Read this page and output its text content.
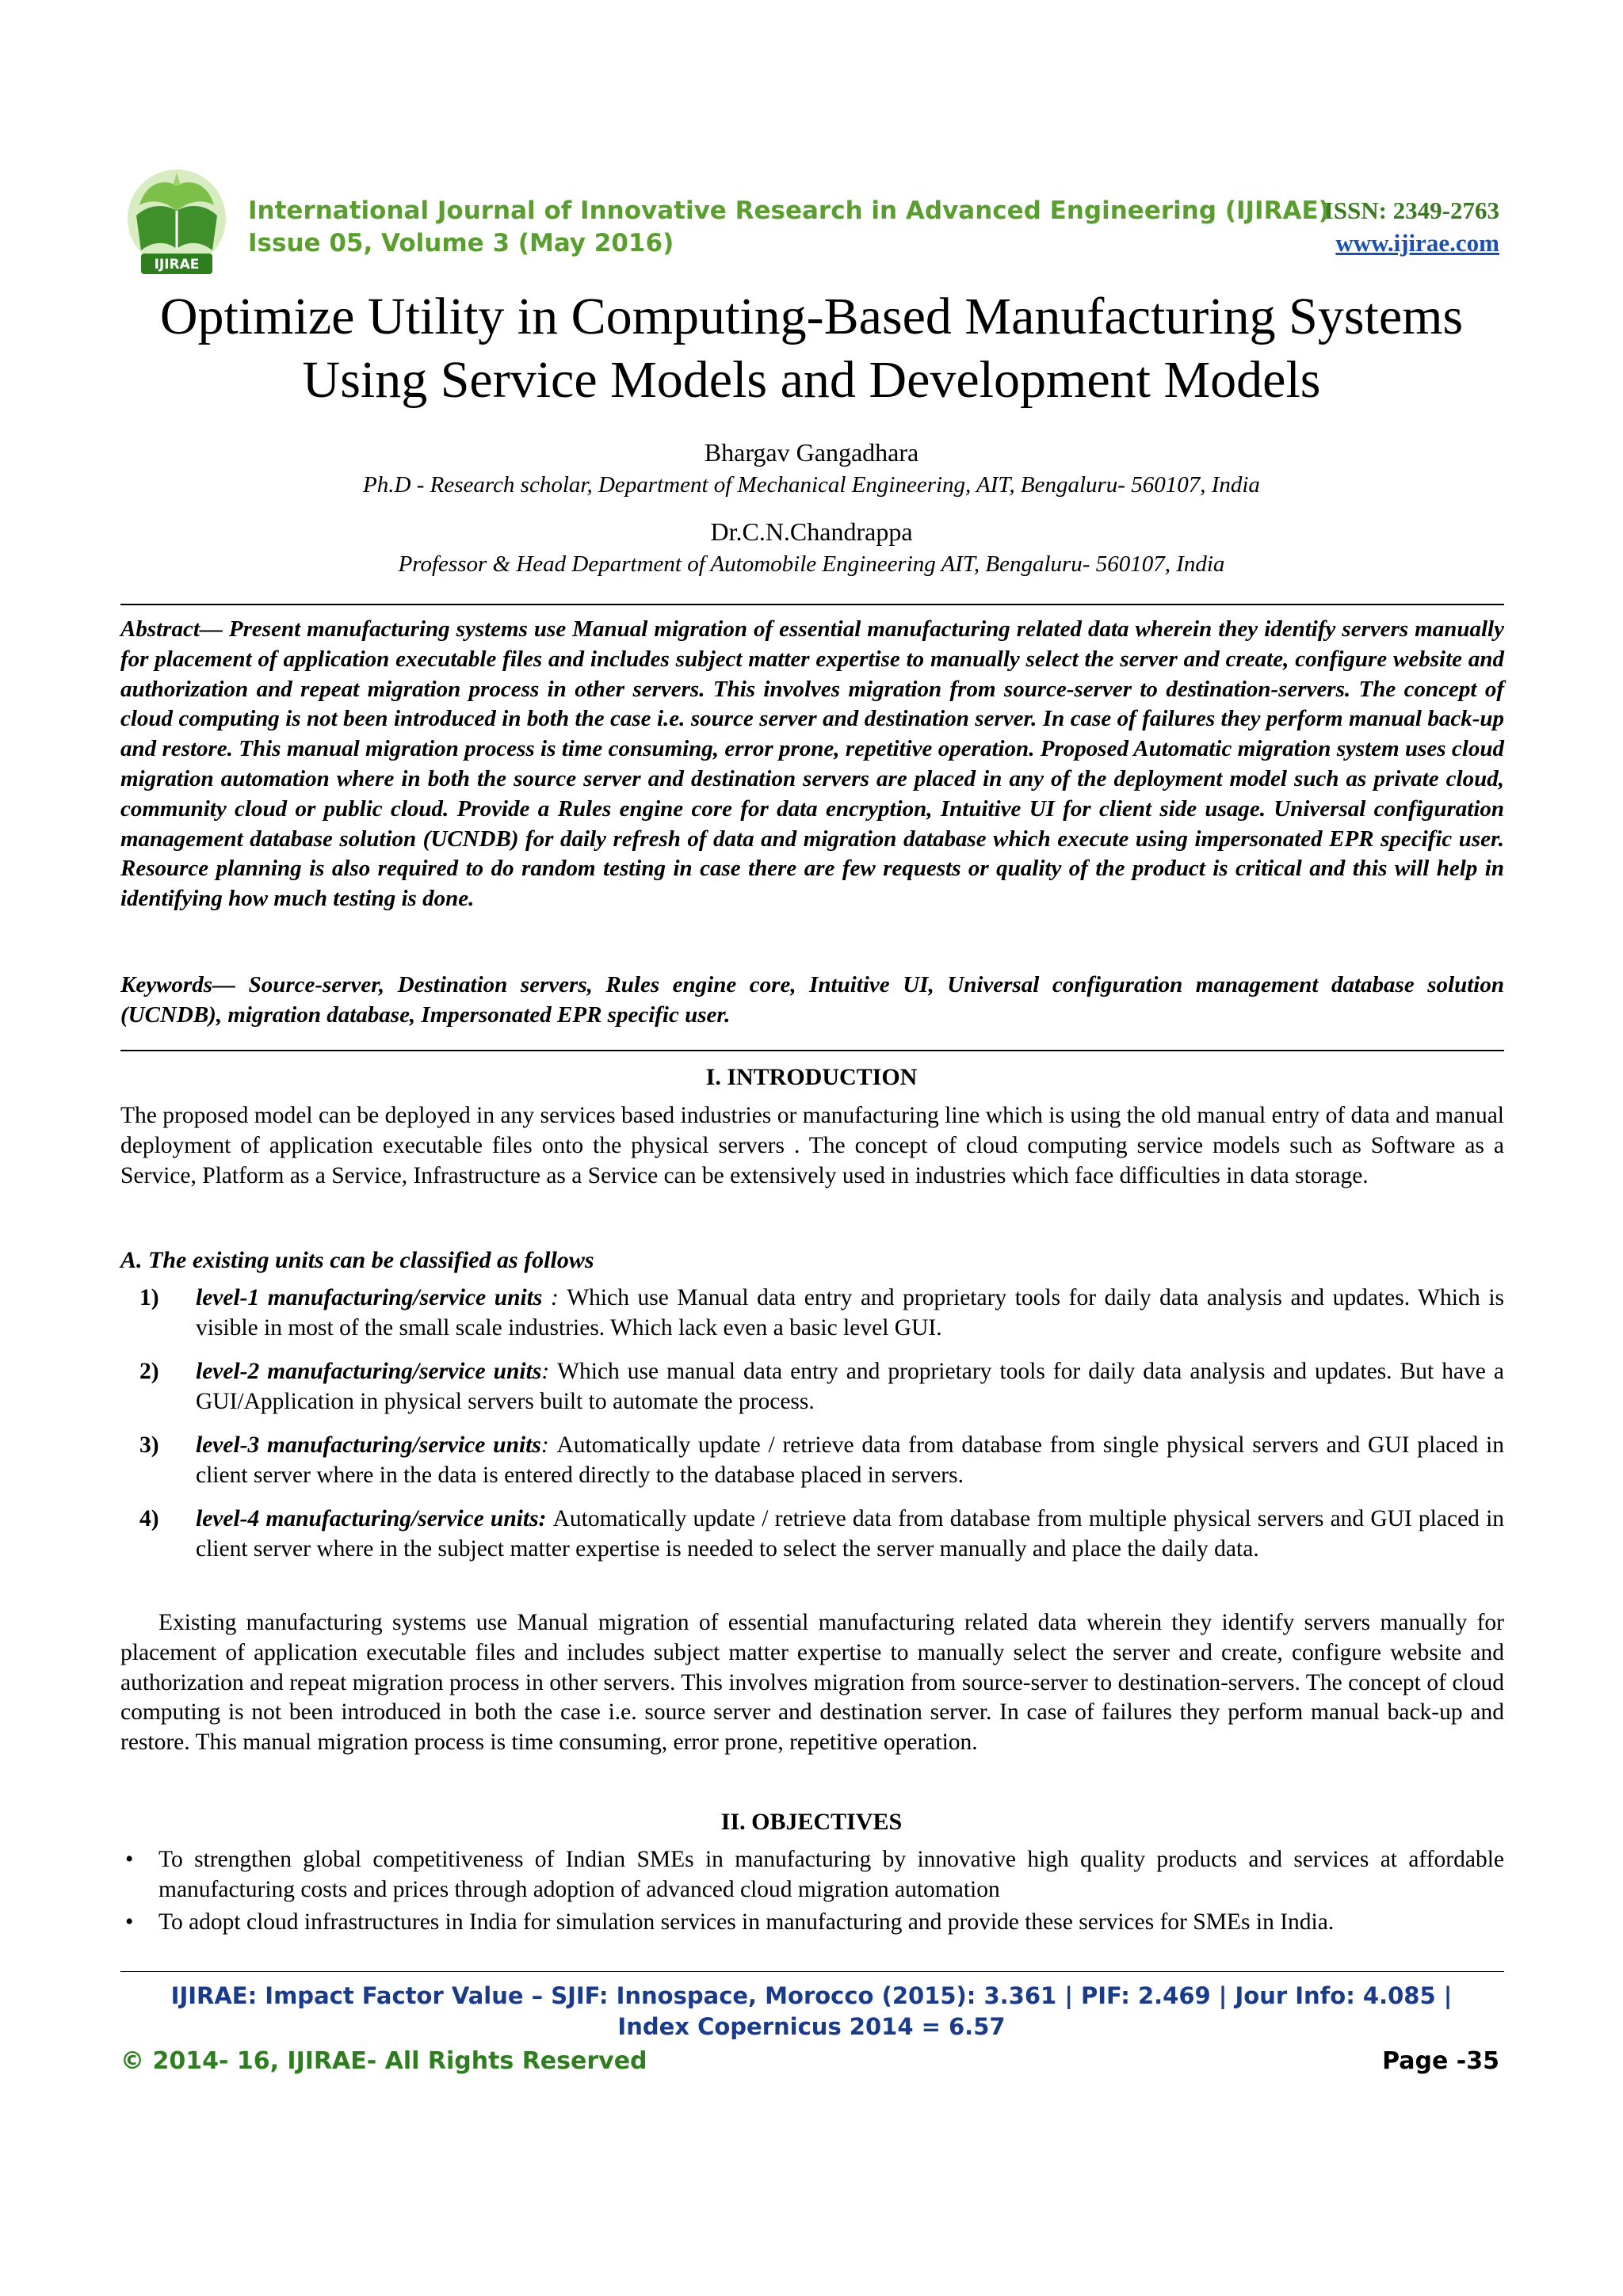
IJIRAE
International Journal of Innovative Research in Advanced Engineering (IJIRAE)
Issue 05, Volume 3 (May 2016)
ISSN: 2349-2763
www.ijirae.com
Optimize Utility in Computing-Based Manufacturing Systems
Using Service Models and Development Models
Bhargav Gangadhara
Ph.D - Research scholar, Department of Mechanical Engineering, AIT, Bengaluru- 560107, India
Dr.C.N.Chandrappa
Professor & Head Department of Automobile Engineering AIT, Bengaluru- 560107, India
Abstract— Present manufacturing systems use Manual migration of essential manufacturing related data wherein they identify servers manually for placement of application executable files and includes subject matter expertise to manually select the server and create, configure website and authorization and repeat migration process in other servers. This involves migration from source-server to destination-servers. The concept of cloud computing is not been introduced in both the case i.e. source server and destination server. In case of failures they perform manual back-up and restore. This manual migration process is time consuming, error prone, repetitive operation. Proposed Automatic migration system uses cloud migration automation where in both the source server and destination servers are placed in any of the deployment model such as private cloud, community cloud or public cloud. Provide a Rules engine core for data encryption, Intuitive UI for client side usage. Universal configuration management database solution (UCNDB) for daily refresh of data and migration database which execute using impersonated EPR specific user. Resource planning is also required to do random testing in case there are few requests or quality of the product is critical and this will help in identifying how much testing is done.
Keywords— Source-server, Destination servers, Rules engine core, Intuitive UI, Universal configuration management database solution (UCNDB), migration database, Impersonated EPR specific user.
I. INTRODUCTION
The proposed model can be deployed in any services based industries or manufacturing line which is using the old manual entry of data and manual deployment of application executable files onto the physical servers . The concept of cloud computing service models such as Software as a Service, Platform as a Service, Infrastructure as a Service can be extensively used in industries which face difficulties in data storage.
A. The existing units can be classified as follows
1) level-1 manufacturing/service units : Which use Manual data entry and proprietary tools for daily data analysis and updates. Which is visible in most of the small scale industries. Which lack even a basic level GUI.
2) level-2 manufacturing/service units: Which use manual data entry and proprietary tools for daily data analysis and updates. But have a GUI/Application in physical servers built to automate the process.
3) level-3 manufacturing/service units: Automatically update / retrieve data from database from single physical servers and GUI placed in client server where in the data is entered directly to the database placed in servers.
4) level-4 manufacturing/service units: Automatically update / retrieve data from database from multiple physical servers and GUI placed in client server where in the subject matter expertise is needed to select the server manually and place the daily data.
Existing manufacturing systems use Manual migration of essential manufacturing related data wherein they identify servers manually for placement of application executable files and includes subject matter expertise to manually select the server and create, configure website and authorization and repeat migration process in other servers. This involves migration from source-server to destination-servers. The concept of cloud computing is not been introduced in both the case i.e. source server and destination server. In case of failures they perform manual back-up and restore. This manual migration process is time consuming, error prone, repetitive operation.
II. OBJECTIVES
• To strengthen global competitiveness of Indian SMEs in manufacturing by innovative high quality products and services at affordable manufacturing costs and prices through adoption of advanced cloud migration automation
• To adopt cloud infrastructures in India for simulation services in manufacturing and provide these services for SMEs in India.
IJIRAE: Impact Factor Value – SJIF: Innospace, Morocco (2015): 3.361 | PIF: 2.469 | Jour Info: 4.085 |
Index Copernicus 2014 = 6.57
© 2014- 16, IJIRAE- All Rights Reserved	Page -35
